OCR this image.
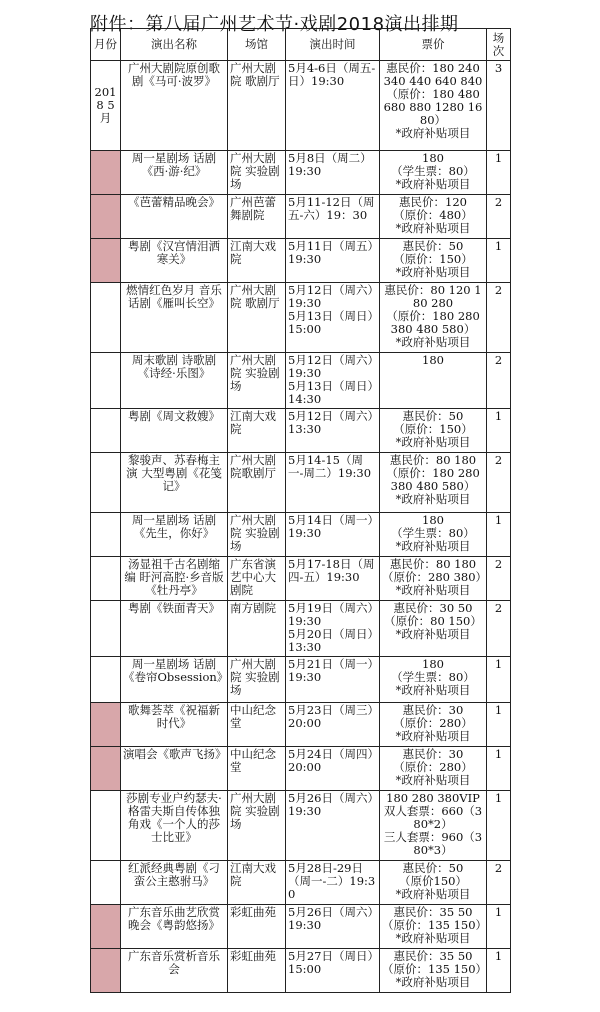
附件：第八届广州艺术节·戏剧2018演出排期
月份	演出名称	场馆	演出时间	票价	场次
2018 5月	广州大剧院原创歌剧《马可·波罗》	广州大剧院 歌剧厅	5月4-6日（周五-日）19:30	惠民价：180 240 340 440 640 840
（原价：180 480 680 880 1280 1680）
*政府补贴项目	3
	周一星剧场 话剧《西·游·纪》	广州大剧院 实验剧场	5月8日（周二）19:30	180
（学生票：80）
*政府补贴项目	1
	《芭蕾精品晚会》	广州芭蕾舞剧院	5月11-12日（周五-六）19：30	惠民价：120
（原价：480）
*政府补贴项目	2
	粤剧《汉宫情泪洒寒关》	江南大戏院	5月11日（周五）19:30	惠民价：50
（原价：150）
*政府补贴项目	1
	燃情红色岁月 音乐话剧《雁叫长空》	广州大剧院 歌剧厅	5月12日（周六）19:30
5月13日（周日）15:00	惠民价：80 120 180 280
（原价：180 280 380 480 580）
*政府补贴项目	2
	周末歌剧 诗歌剧《诗经·乐图》	广州大剧院 实验剧场	5月12日（周六）19:30
5月13日（周日）14:30	180	2
	粤剧《周文救嫂》	江南大戏院	5月12日（周六）13:30	惠民价：50
（原价：150）
*政府补贴项目	1
	黎骏声、苏春梅主演 大型粤剧《花笺记》	广州大剧院歌剧厅	5月14-15（周一-周二）19:30	惠民价：80 180
（原价：180 280 380 480 580）
*政府补贴项目	2
	周一星剧场 话剧《先生，你好》	广州大剧院 实验剧场	5月14日（周一）19:30	180
（学生票：80）
*政府补贴项目	1
	汤显祖千古名剧缩编 盱河高腔·乡音版《牡丹亭》	广东省演艺中心大剧院	5月17-18日（周四-五）19:30	惠民价：80 180
（原价：280 380）
*政府补贴项目	2
	粤剧《铁面青天》	南方剧院	5月19日（周六）19:30
5月20日（周日）13:30	惠民价：30 50
（原价：80 150）
*政府补贴项目	2
	周一星剧场 话剧《卷帘Obsession》	广州大剧院 实验剧场	5月21日（周一）19:30	180
（学生票：80）
*政府补贴项目	1
	歌舞荟萃《祝福新时代》	中山纪念堂	5月23日（周三）20:00	惠民价：30
（原价：280）
*政府补贴项目	1
	演唱会《歌声飞扬》	中山纪念堂	5月24日（周四）20:00	惠民价：30
（原价：280）
*政府补贴项目	1
	莎剧专业户约瑟夫·格雷夫斯自传体独角戏《一个人的莎士比亚》	广州大剧院 实验剧场	5月26日（周六）19:30	180 280 380VIP
双人套票：660（380*2）
三人套票：960（380*3）	1
	红派经典粤剧《刁蛮公主憨驸马》	江南大戏院	5月28日-29日（周一-二）19:30	惠民价：50
（原价150）
*政府补贴项目	2
	广东音乐曲艺欣赏晚会《粤韵悠扬》	彩虹曲苑	5月26日（周六）19:30	惠民价：35 50
（原价：135 150）
*政府补贴项目	1
	广东音乐赏析音乐会	彩虹曲苑	5月27日（周日）15:00	惠民价：35 50
（原价：135 150）
*政府补贴项目	1
